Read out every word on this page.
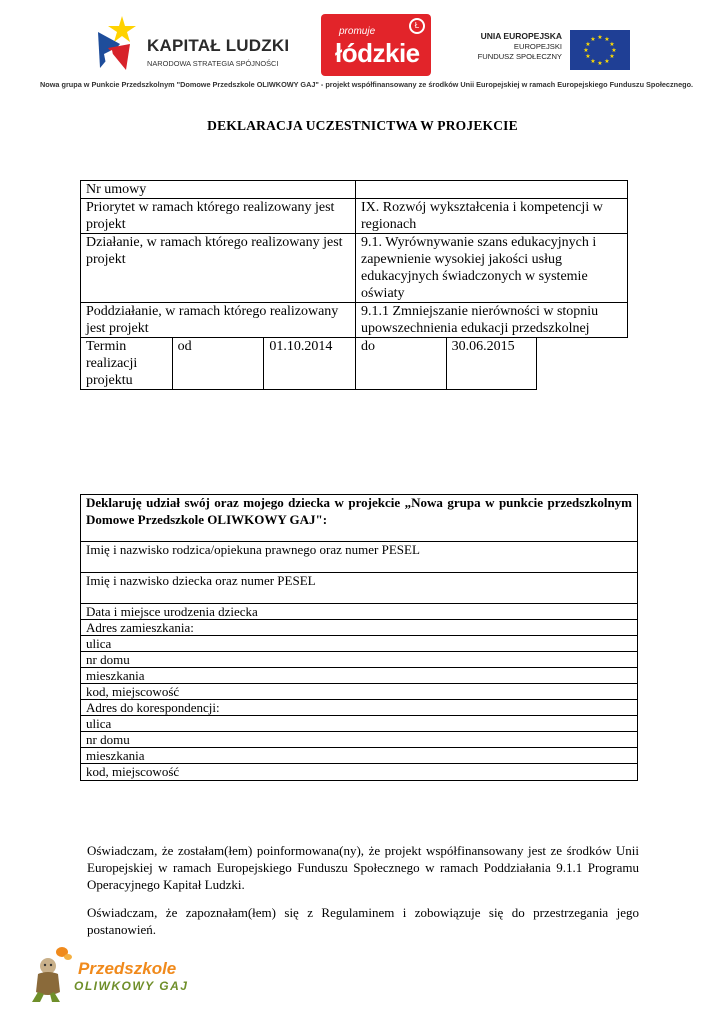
KAPITAŁ LUDZKI
NARODOWA STRATEGIA SPÓJNOŚCI
Ł
promuje
łódzkie
UNIA EUROPEJSKA
EUROPEJSKI
FUNDUSZ SPOŁECZNY
★ ★
★
★
★
★
★
★
★
★
★
★
Nowa grupa w Punkcie Przedszkolnym "Domowe Przedszkole OLIWKOWY GAJ" - projekt współfinansowany ze środków Unii Europejskiej w ramach Europejskiego Funduszu Społecznego.
DEKLARACJA UCZESTNICTWA W PROJEKCIE
Nr umowy				
Priorytet w ramach którego realizowany jest projekt			IX. Rozwój wykształcenia i kompetencji w regionach	
Działanie, w ramach którego realizowany jest projekt			9.1. Wyrównywanie szans edukacyjnych i zapewnienie wysokiej jakości usług edukacyjnych świadczonych w systemie oświaty	
Poddziałanie, w ramach którego realizowany jest projekt			9.1.1 Zmniejszanie nierówności w stopniu upowszechnienia edukacji przedszkolnej	
Termin realizacji projektu	od	01.10.2014	do	30.06.2015
Deklaruję udział swój oraz mojego dziecka w projekcie „Nowa grupa w punkcie przedszkolnym Domowe Przedszkole OLIWKOWY GAJ":
Imię i nazwisko rodzica/opiekuna prawnego oraz numer PESEL
Imię i nazwisko dziecka oraz numer PESEL
Data i miejsce urodzenia dziecka
Adres zamieszkania:
ulica
nr domu
mieszkania
kod, miejscowość
Adres do korespondencji:
ulica
nr domu
mieszkania
kod, miejscowość

Oświadczam, że zostałam(łem) poinformowana(ny), że projekt współfinansowany jest ze środków Unii Europejskiej w ramach Europejskiego Funduszu Społecznego w ramach Poddziałania 9.1.1 Programu Operacyjnego Kapitał Ludzki.

Oświadczam, że zapoznałam(łem) się z Regulaminem i zobowiązuje się do przestrzegania jego postanowień.

Przedszkole
OLIWKOWY GAJ
